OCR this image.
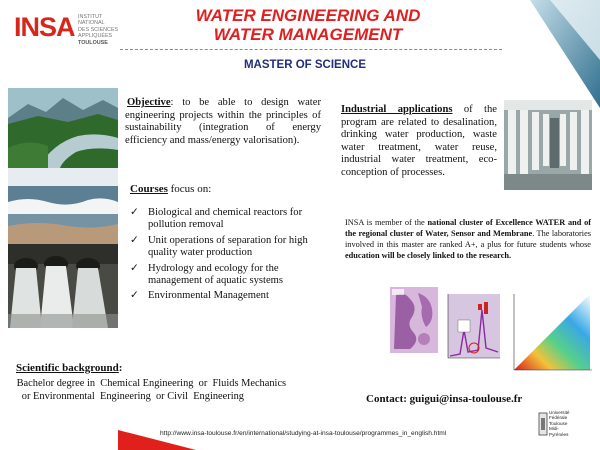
INSA INSTITUT NATIONAL
DES SCIENCES
APPLIQUÉES
TOULOUSE
WATER ENGINEERING AND
WATER MANAGEMENT
MASTER OF SCIENCE
Objective: to be able to design water engineering projects within the principles of sustainability (integration of energy efficiency and mass/energy valorisation).
Courses focus on:
✓ Biological and chemical reactors for pollution removal
✓ Unit operations of separation for high quality water production
✓ Hydrology and ecology for the management of aquatic systems
✓ Environmental Management
Industrial applications of the program are related to desalination, drinking water production, waste water treatment, water reuse, industrial water treatment, eco-conception of processes.
INSA is member of the national cluster of Excellence WATER and of the regional cluster of Water, Sensor and Membrane. The laboratories involved in this master are ranked A+, a plus for future students whose education will be closely linked to the research.
Scientific background:
Bachelor degree in  Chemical Engineering  or  Fluids Mechanics
or Environmental  Engineering  or Civil  Engineering	Contact: guigui@insa-toulouse.fr
http://www.insa-toulouse.fr/en/international/studying-at-insa-toulouse/programmes_in_english.html
Université
Fédérale
Toulouse
Midi-Pyrénées
